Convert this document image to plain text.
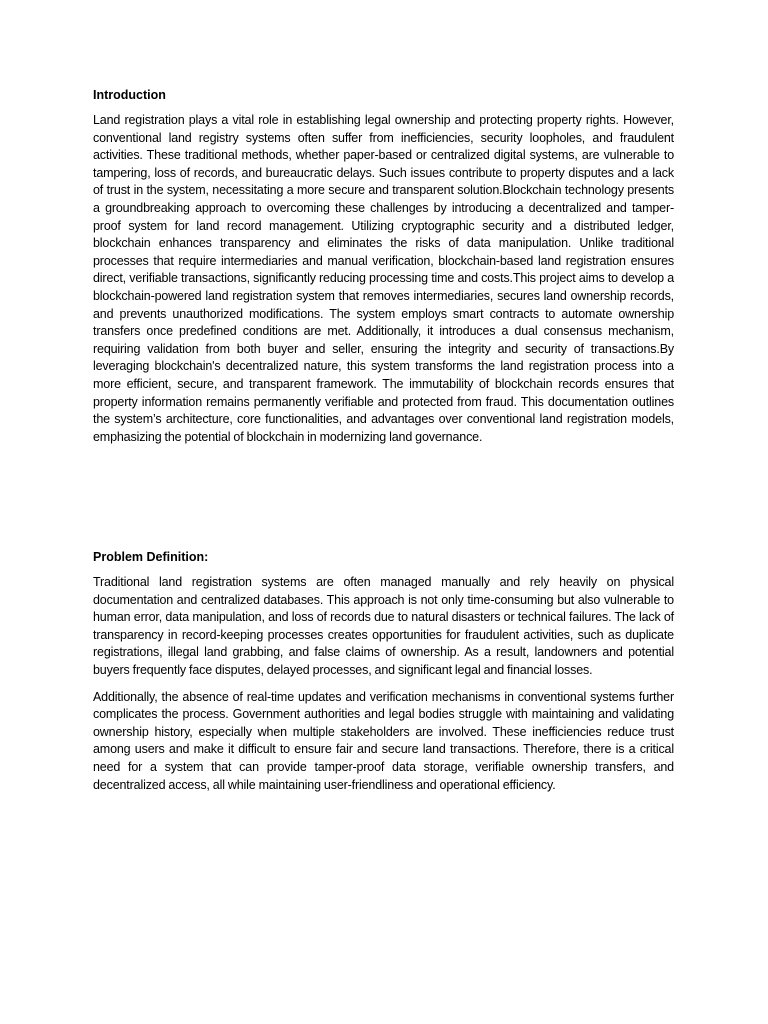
Introduction

Land registration plays a vital role in establishing legal ownership and protecting property rights. However, conventional land registry systems often suffer from inefficiencies, security loopholes, and fraudulent activities. These traditional methods, whether paper-based or centralized digital systems, are vulnerable to tampering, loss of records, and bureaucratic delays. Such issues contribute to property disputes and a lack of trust in the system, necessitating a more secure and transparent solution.Blockchain technology presents a groundbreaking approach to overcoming these challenges by introducing a decentralized and tamper-proof system for land record management. Utilizing cryptographic security and a distributed ledger, blockchain enhances transparency and eliminates the risks of data manipulation. Unlike traditional processes that require intermediaries and manual verification, blockchain-based land registration ensures direct, verifiable transactions, significantly reducing processing time and costs.This project aims to develop a blockchain-powered land registration system that removes intermediaries, secures land ownership records, and prevents unauthorized modifications. The system employs smart contracts to automate ownership transfers once predefined conditions are met. Additionally, it introduces a dual consensus mechanism, requiring validation from both buyer and seller, ensuring the integrity and security of transactions.By leveraging blockchain's decentralized nature, this system transforms the land registration process into a more efficient, secure, and transparent framework. The immutability of blockchain records ensures that property information remains permanently verifiable and protected from fraud. This documentation outlines the system’s architecture, core functionalities, and advantages over conventional land registration models, emphasizing the potential of blockchain in modernizing land governance.

Problem Definition:

Traditional land registration systems are often managed manually and rely heavily on physical documentation and centralized databases. This approach is not only time-consuming but also vulnerable to human error, data manipulation, and loss of records due to natural disasters or technical failures. The lack of transparency in record-keeping processes creates opportunities for fraudulent activities, such as duplicate registrations, illegal land grabbing, and false claims of ownership. As a result, landowners and potential buyers frequently face disputes, delayed processes, and significant legal and financial losses.

Additionally, the absence of real-time updates and verification mechanisms in conventional systems further complicates the process. Government authorities and legal bodies struggle with maintaining and validating ownership history, especially when multiple stakeholders are involved. These inefficiencies reduce trust among users and make it difficult to ensure fair and secure land transactions. Therefore, there is a critical need for a system that can provide tamper-proof data storage, verifiable ownership transfers, and decentralized access, all while maintaining user-friendliness and operational efficiency.
